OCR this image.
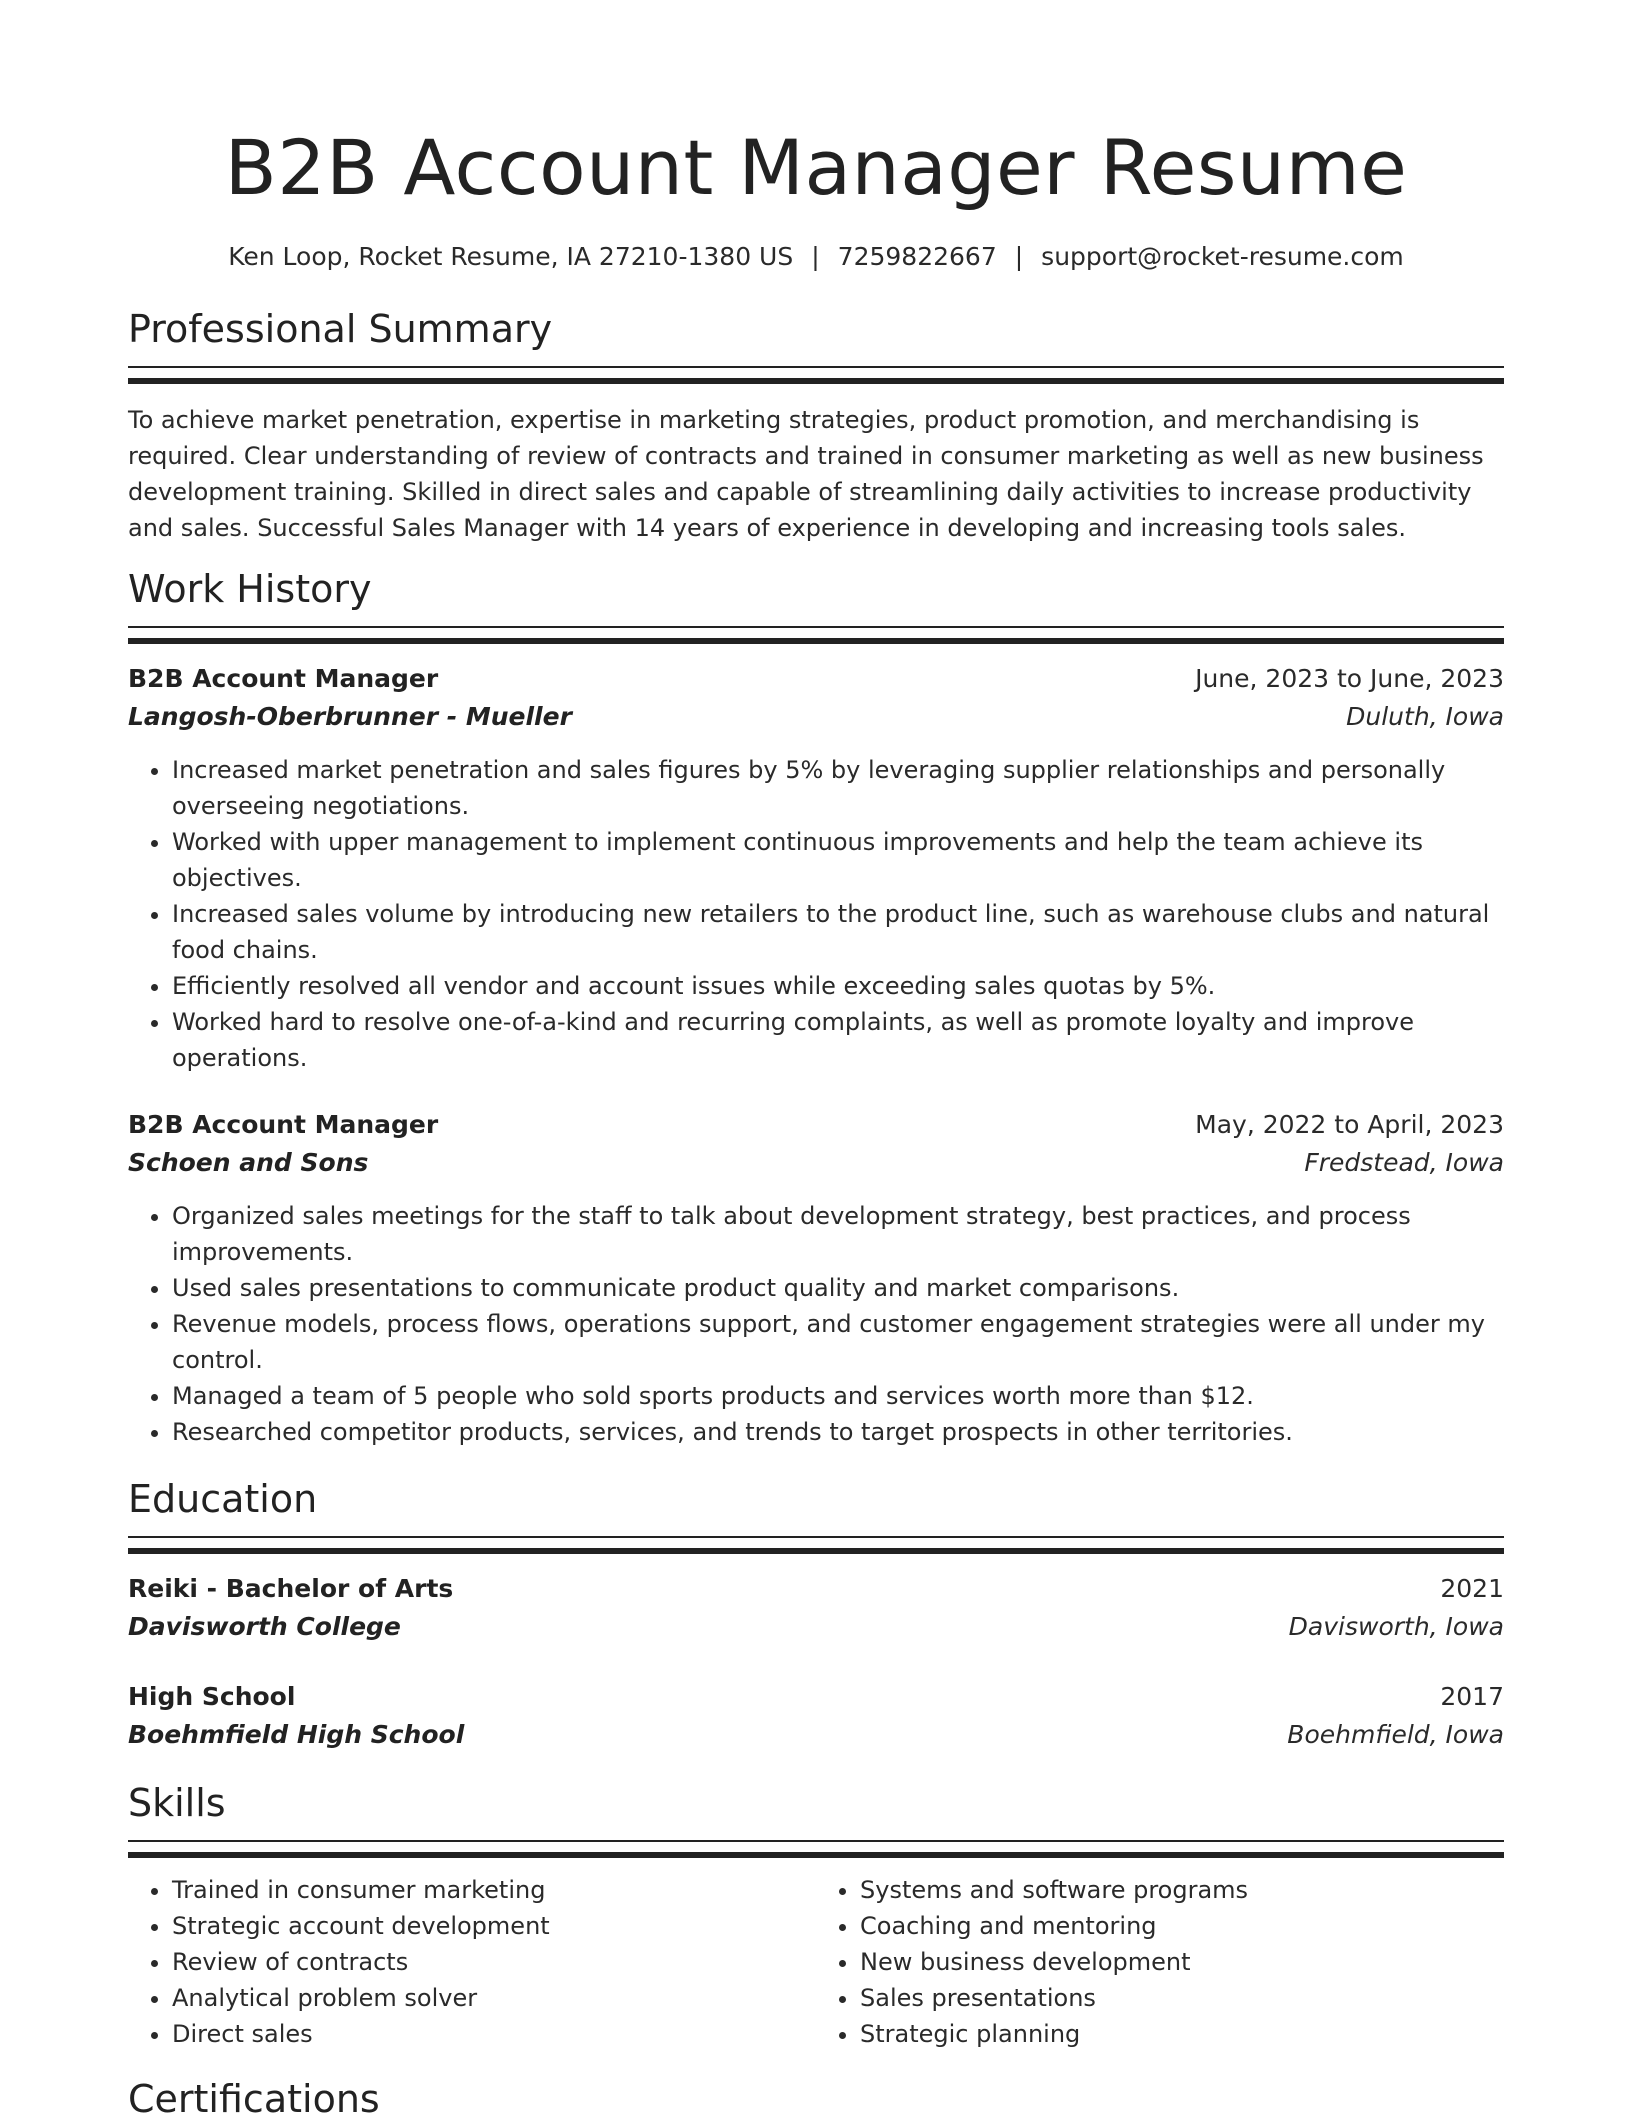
B2B Account Manager Resume
Ken Loop, Rocket Resume, IA 27210-1380 US | 7259822667 | support@rocket-resume.com
Professional Summary

To achieve market penetration, expertise in marketing strategies, product promotion, and merchandising is required. Clear understanding of review of contracts and trained in consumer marketing as well as new business development training. Skilled in direct sales and capable of streamlining daily activities to increase productivity and sales. Successful Sales Manager with 14 years of experience in developing and increasing tools sales.

Work History
B2B Account Manager	June, 2023 to June, 2023
Langosh-Oberbrunner - Mueller	Duluth, Iowa
• Increased market penetration and sales figures by 5% by leveraging supplier relationships and personally overseeing negotiations.
• Worked with upper management to implement continuous improvements and help the team achieve its objectives.
• Increased sales volume by introducing new retailers to the product line, such as warehouse clubs and natural food chains.
• Efficiently resolved all vendor and account issues while exceeding sales quotas by 5%.
• Worked hard to resolve one-of-a-kind and recurring complaints, as well as promote loyalty and improve operations.
B2B Account Manager	May, 2022 to April, 2023
Schoen and Sons	Fredstead, Iowa
• Organized sales meetings for the staff to talk about development strategy, best practices, and process improvements.
• Used sales presentations to communicate product quality and market comparisons.
• Revenue models, process flows, operations support, and customer engagement strategies were all under my control.
• Managed a team of 5 people who sold sports products and services worth more than $12.
• Researched competitor products, services, and trends to target prospects in other territories.
Education
Reiki - Bachelor of Arts	2021
Davisworth College	Davisworth, Iowa
High School	2017
Boehmfield High School	Boehmfield, Iowa
Skills
• Trained in consumer marketing
• Strategic account development
• Review of contracts
• Analytical problem solver
• Direct sales
• Systems and software programs
• Coaching and mentoring
• New business development
• Sales presentations
• Strategic planning
Certifications
